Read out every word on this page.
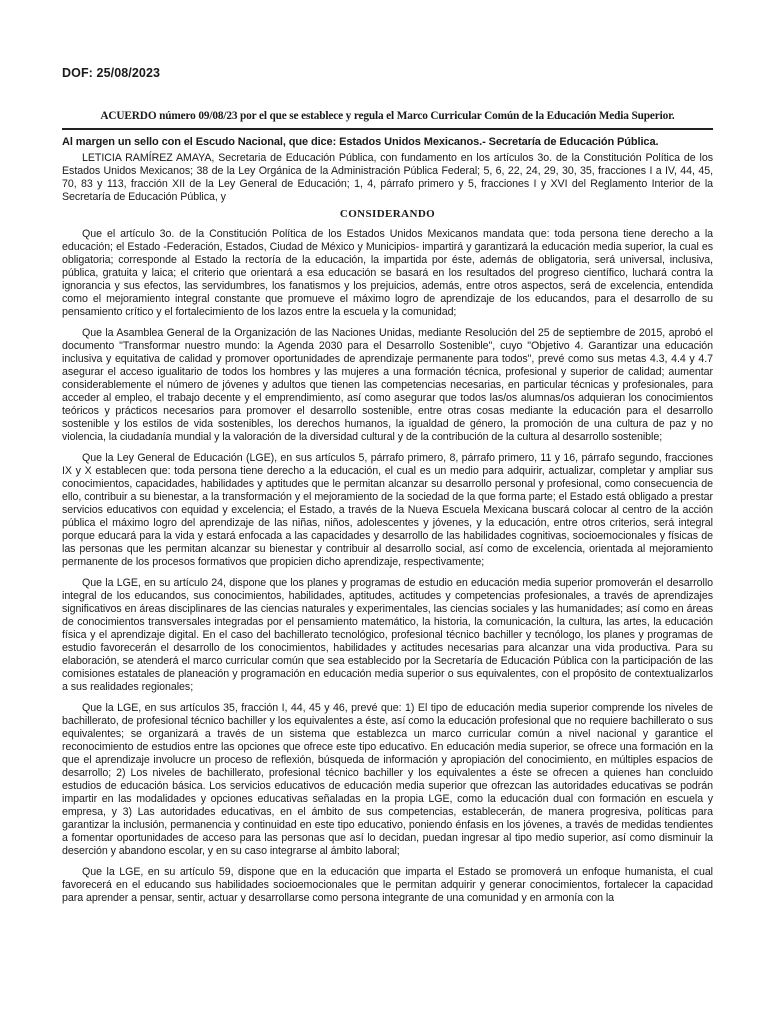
DOF: 25/08/2023
ACUERDO número 09/08/23 por el que se establece y regula el Marco Curricular Común de la Educación Media Superior.
Al margen un sello con el Escudo Nacional, que dice: Estados Unidos Mexicanos.- Secretaría de Educación Pública.

LETICIA RAMÍREZ AMAYA, Secretaria de Educación Pública, con fundamento en los artículos 3o. de la Constitución Política de los Estados Unidos Mexicanos; 38 de la Ley Orgánica de la Administración Pública Federal; 5, 6, 22, 24, 29, 30, 35, fracciones I a IV, 44, 45, 70, 83 y 113, fracción XII de la Ley General de Educación; 1, 4, párrafo primero y 5, fracciones I y XVI del Reglamento Interior de la Secretaría de Educación Pública, y

CONSIDERANDO

Que el artículo 3o. de la Constitución Política de los Estados Unidos Mexicanos mandata que: toda persona tiene derecho a la educación; el Estado -Federación, Estados, Ciudad de México y Municipios- impartirá y garantizará la educación media superior, la cual es obligatoria; corresponde al Estado la rectoría de la educación, la impartida por éste, además de obligatoria, será universal, inclusiva, pública, gratuita y laica; el criterio que orientará a esa educación se basará en los resultados del progreso científico, luchará contra la ignorancia y sus efectos, las servidumbres, los fanatismos y los prejuicios, además, entre otros aspectos, será de excelencia, entendida como el mejoramiento integral constante que promueve el máximo logro de aprendizaje de los educandos, para el desarrollo de su pensamiento crítico y el fortalecimiento de los lazos entre la escuela y la comunidad;

Que la Asamblea General de la Organización de las Naciones Unidas, mediante Resolución del 25 de septiembre de 2015, aprobó el documento "Transformar nuestro mundo: la Agenda 2030 para el Desarrollo Sostenible", cuyo "Objetivo 4. Garantizar una educación inclusiva y equitativa de calidad y promover oportunidades de aprendizaje permanente para todos", prevé como sus metas 4.3, 4.4 y 4.7 asegurar el acceso igualitario de todos los hombres y las mujeres a una formación técnica, profesional y superior de calidad; aumentar considerablemente el número de jóvenes y adultos que tienen las competencias necesarias, en particular técnicas y profesionales, para acceder al empleo, el trabajo decente y el emprendimiento, así como asegurar que todos las/os alumnas/os adquieran los conocimientos teóricos y prácticos necesarios para promover el desarrollo sostenible, entre otras cosas mediante la educación para el desarrollo sostenible y los estilos de vida sostenibles, los derechos humanos, la igualdad de género, la promoción de una cultura de paz y no violencia, la ciudadanía mundial y la valoración de la diversidad cultural y de la contribución de la cultura al desarrollo sostenible;

Que la Ley General de Educación (LGE), en sus artículos 5, párrafo primero, 8, párrafo primero, 11 y 16, párrafo segundo, fracciones IX y X establecen que: toda persona tiene derecho a la educación, el cual es un medio para adquirir, actualizar, completar y ampliar sus conocimientos, capacidades, habilidades y aptitudes que le permitan alcanzar su desarrollo personal y profesional, como consecuencia de ello, contribuir a su bienestar, a la transformación y el mejoramiento de la sociedad de la que forma parte; el Estado está obligado a prestar servicios educativos con equidad y excelencia; el Estado, a través de la Nueva Escuela Mexicana buscará colocar al centro de la acción pública el máximo logro del aprendizaje de las niñas, niños, adolescentes y jóvenes, y la educación, entre otros criterios, será integral porque educará para la vida y estará enfocada a las capacidades y desarrollo de las habilidades cognitivas, socioemocionales y físicas de las personas que les permitan alcanzar su bienestar y contribuir al desarrollo social, así como de excelencia, orientada al mejoramiento permanente de los procesos formativos que propicien dicho aprendizaje, respectivamente;

Que la LGE, en su artículo 24, dispone que los planes y programas de estudio en educación media superior promoverán el desarrollo integral de los educandos, sus conocimientos, habilidades, aptitudes, actitudes y competencias profesionales, a través de aprendizajes significativos en áreas disciplinares de las ciencias naturales y experimentales, las ciencias sociales y las humanidades; así como en áreas de conocimientos transversales integradas por el pensamiento matemático, la historia, la comunicación, la cultura, las artes, la educación física y el aprendizaje digital. En el caso del bachillerato tecnológico, profesional técnico bachiller y tecnólogo, los planes y programas de estudio favorecerán el desarrollo de los conocimientos, habilidades y actitudes necesarias para alcanzar una vida productiva. Para su elaboración, se atenderá el marco curricular común que sea establecido por la Secretaría de Educación Pública con la participación de las comisiones estatales de planeación y programación en educación media superior o sus equivalentes, con el propósito de contextualizarlos a sus realidades regionales;

Que la LGE, en sus artículos 35, fracción I, 44, 45 y 46, prevé que: 1) El tipo de educación media superior comprende los niveles de bachillerato, de profesional técnico bachiller y los equivalentes a éste, así como la educación profesional que no requiere bachillerato o sus equivalentes; se organizará a través de un sistema que establezca un marco curricular común a nivel nacional y garantice el reconocimiento de estudios entre las opciones que ofrece este tipo educativo. En educación media superior, se ofrece una formación en la que el aprendizaje involucre un proceso de reflexión, búsqueda de información y apropiación del conocimiento, en múltiples espacios de desarrollo; 2) Los niveles de bachillerato, profesional técnico bachiller y los equivalentes a éste se ofrecen a quienes han concluido estudios de educación básica. Los servicios educativos de educación media superior que ofrezcan las autoridades educativas se podrán impartir en las modalidades y opciones educativas señaladas en la propia LGE, como la educación dual con formación en escuela y empresa, y 3) Las autoridades educativas, en el ámbito de sus competencias, establecerán, de manera progresiva, políticas para garantizar la inclusión, permanencia y continuidad en este tipo educativo, poniendo énfasis en los jóvenes, a través de medidas tendientes a fomentar oportunidades de acceso para las personas que así lo decidan, puedan ingresar al tipo medio superior, así como disminuir la deserción y abandono escolar, y en su caso integrarse al ámbito laboral;

Que la LGE, en su artículo 59, dispone que en la educación que imparta el Estado se promoverá un enfoque humanista, el cual favorecerá en el educando sus habilidades socioemocionales que le permitan adquirir y generar conocimientos, fortalecer la capacidad para aprender a pensar, sentir, actuar y desarrollarse como persona integrante de una comunidad y en armonía con la
